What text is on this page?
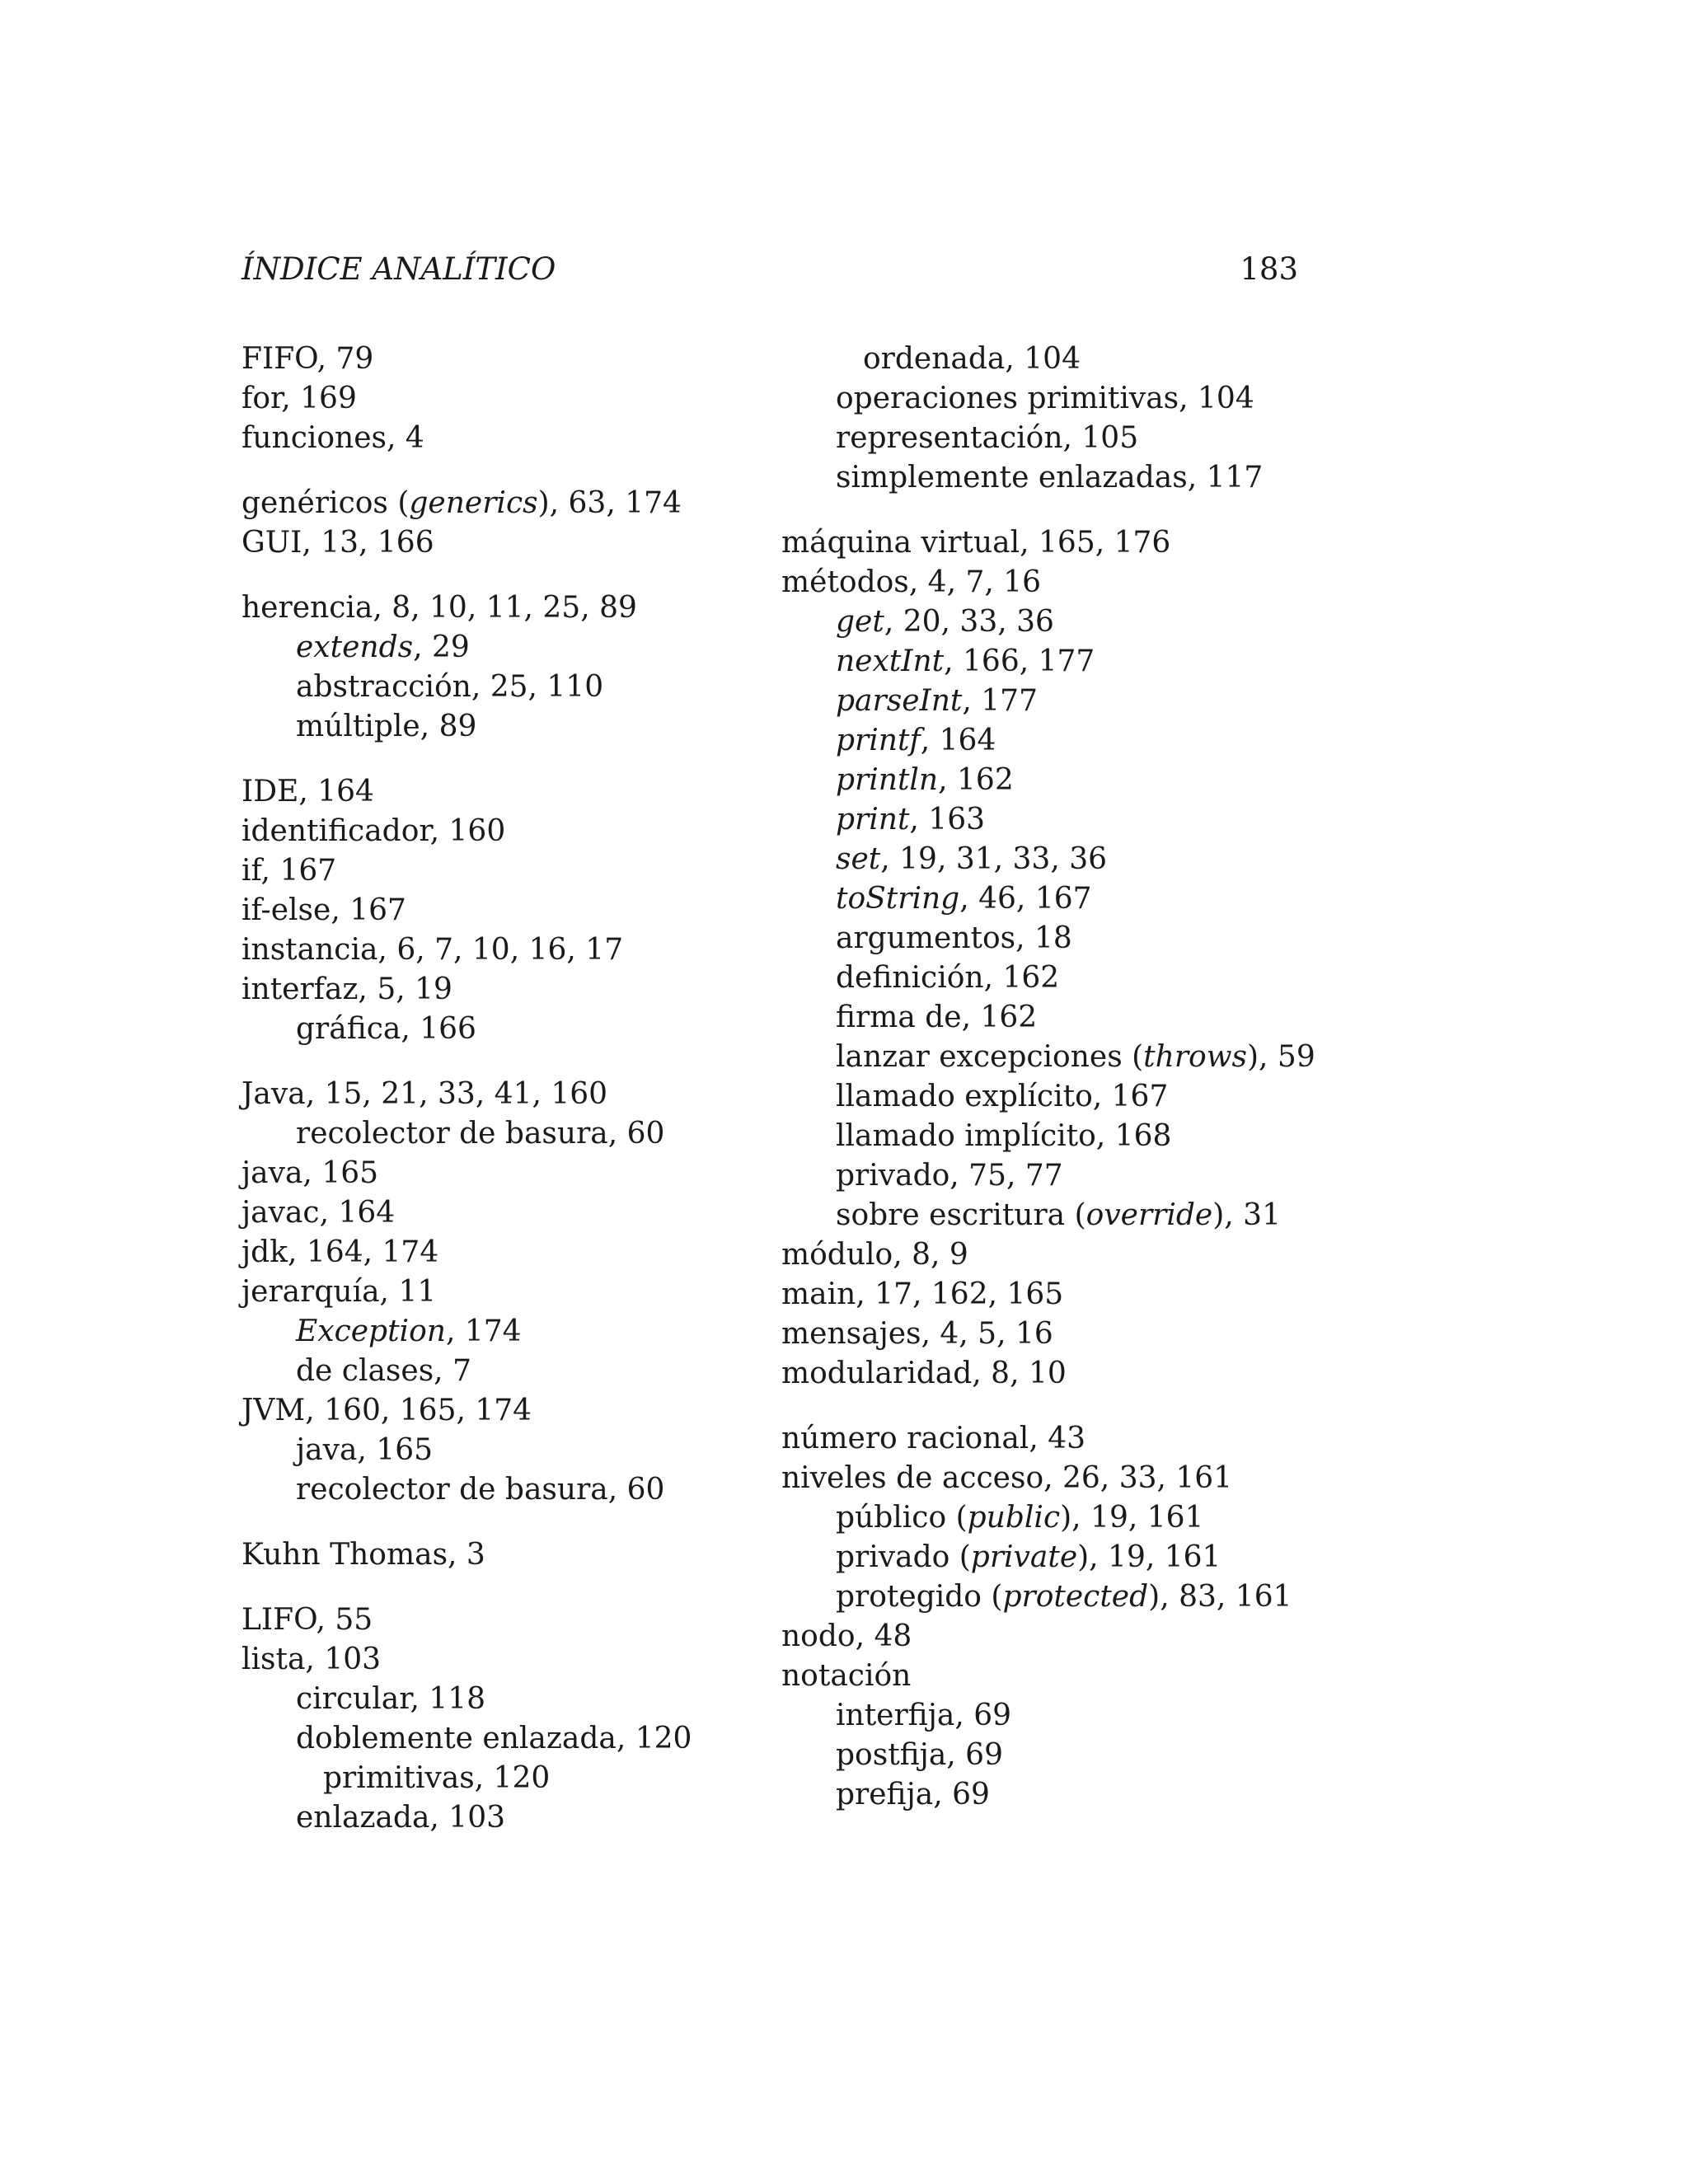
ÍNDICE ANALÍTICO	183
FIFO, 79
for, 169
funciones, 4
genéricos (generics), 63, 174
GUI, 13, 166
herencia, 8, 10, 11, 25, 89
extends, 29
abstracción, 25, 110
múltiple, 89
IDE, 164
identificador, 160
if, 167
if-else, 167
instancia, 6, 7, 10, 16, 17
interfaz, 5, 19
gráfica, 166
Java, 15, 21, 33, 41, 160
recolector de basura, 60
java, 165
javac, 164
jdk, 164, 174
jerarquía, 11
Exception, 174
de clases, 7
JVM, 160, 165, 174
java, 165
recolector de basura, 60
Kuhn Thomas, 3
LIFO, 55
lista, 103
circular, 118
doblemente enlazada, 120
primitivas, 120
enlazada, 103
ordenada, 104
operaciones primitivas, 104
representación, 105
simplemente enlazadas, 117
máquina virtual, 165, 176
métodos, 4, 7, 16
get, 20, 33, 36
nextInt, 166, 177
parseInt, 177
printf, 164
println, 162
print, 163
set, 19, 31, 33, 36
toString, 46, 167
argumentos, 18
definición, 162
firma de, 162
lanzar excepciones (throws), 59
llamado explícito, 167
llamado implícito, 168
privado, 75, 77
sobre escritura (override), 31
módulo, 8, 9
main, 17, 162, 165
mensajes, 4, 5, 16
modularidad, 8, 10
número racional, 43
niveles de acceso, 26, 33, 161
público (public), 19, 161
privado (private), 19, 161
protegido (protected), 83, 161
nodo, 48
notación
interfija, 69
postfija, 69
prefija, 69
